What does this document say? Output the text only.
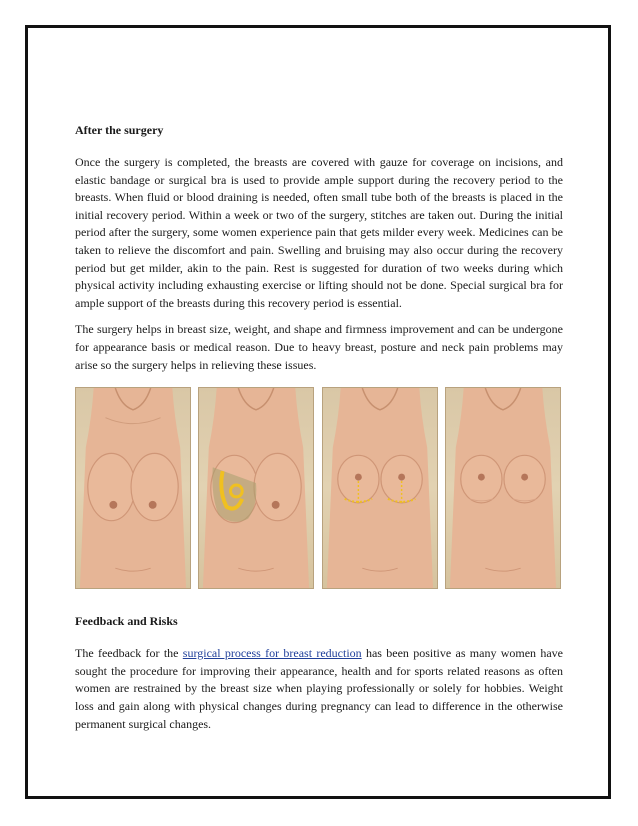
After the surgery

Once the surgery is completed, the breasts are covered with gauze for coverage on incisions, and elastic bandage or surgical bra is used to provide ample support during the recovery period to the breasts. When fluid or blood draining is needed, often small tube both of the breasts is placed in the initial recovery period. Within a week or two of the surgery, stitches are taken out. During the initial period after the surgery, some women experience pain that gets milder every week. Medicines can be taken to relieve the discomfort and pain. Swelling and bruising may also occur during the recovery period but get milder, akin to the pain. Rest is suggested for duration of two weeks during which physical activity including exhausting exercise or lifting should not be done. Special surgical bra for ample support of the breasts during this recovery period is essential.

The surgery helps in breast size, weight, and shape and firmness improvement and can be undergone for appearance basis or medical reason. Due to heavy breast, posture and neck pain problems may arise so the surgery helps in relieving these issues.

Feedback and Risks

The feedback for the surgical process for breast reduction has been positive as many women have sought the procedure for improving their appearance, health and for sports related reasons as often women are restrained by the breast size when playing professionally or solely for hobbies. Weight loss and gain along with physical changes during pregnancy can lead to difference in the otherwise permanent surgical changes.
